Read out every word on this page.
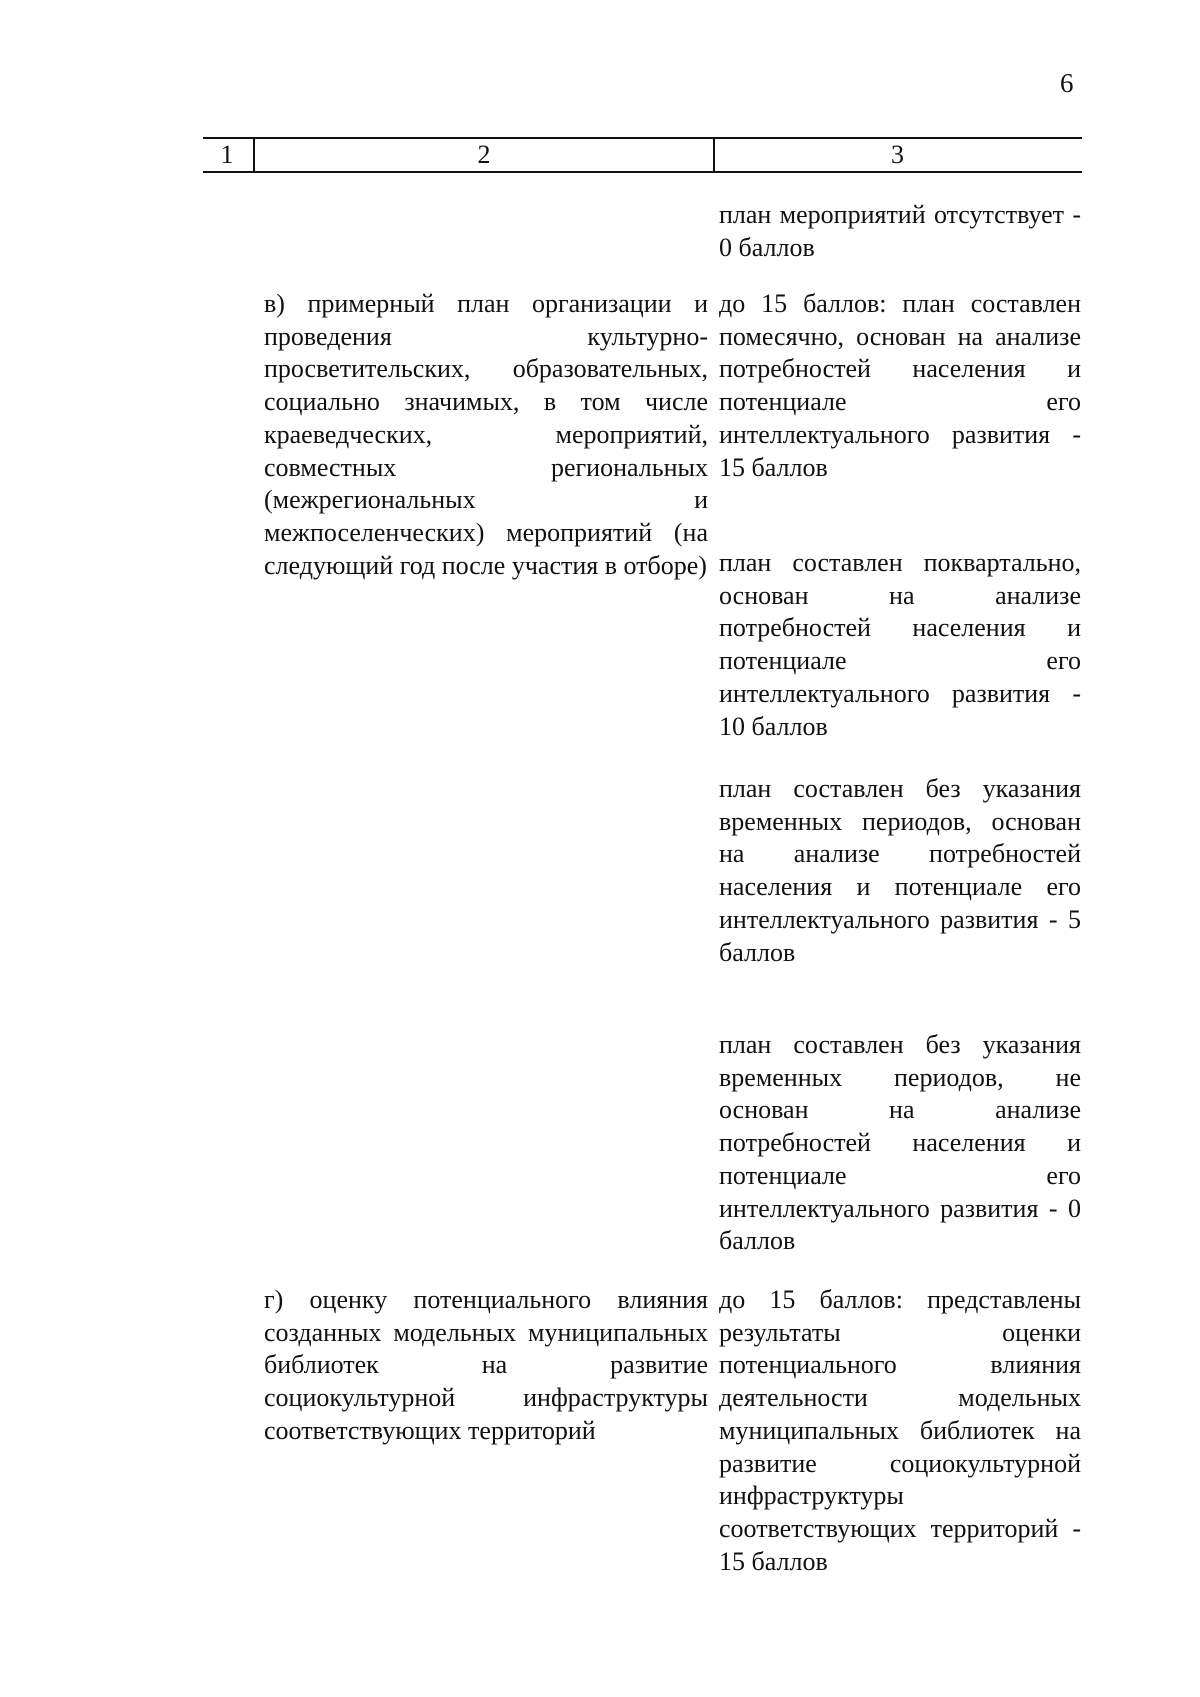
6
1	2	3

план мероприятий отсутствует - 0 баллов

в) примерный план организации и проведения культурно-просветительских, образовательных, социально значимых, в том числе краеведческих, мероприятий, совместных региональных (межрегиональных и межпоселенческих) мероприятий (на следующий год после участия в отборе)

до 15 баллов: план составлен помесячно, основан на анализе потребностей населения и потенциале его интеллектуального развития - 15 баллов

план составлен поквартально, основан на анализе потребностей населения и потенциале его интеллектуального развития - 10 баллов

план составлен без указания временных периодов, основан на анализе потребностей населения и потенциале его интеллектуального развития - 5 баллов

план составлен без указания временных периодов, не основан на анализе потребностей населения и потенциале его интеллектуального развития - 0 баллов

г) оценку потенциального влияния созданных модельных муниципальных библиотек на развитие социокультурной инфраструктуры соответствующих территорий

до 15 баллов: представлены результаты оценки потенциального влияния деятельности модельных муниципальных библиотек на развитие социокультурной инфраструктуры соответствующих территорий - 15 баллов
